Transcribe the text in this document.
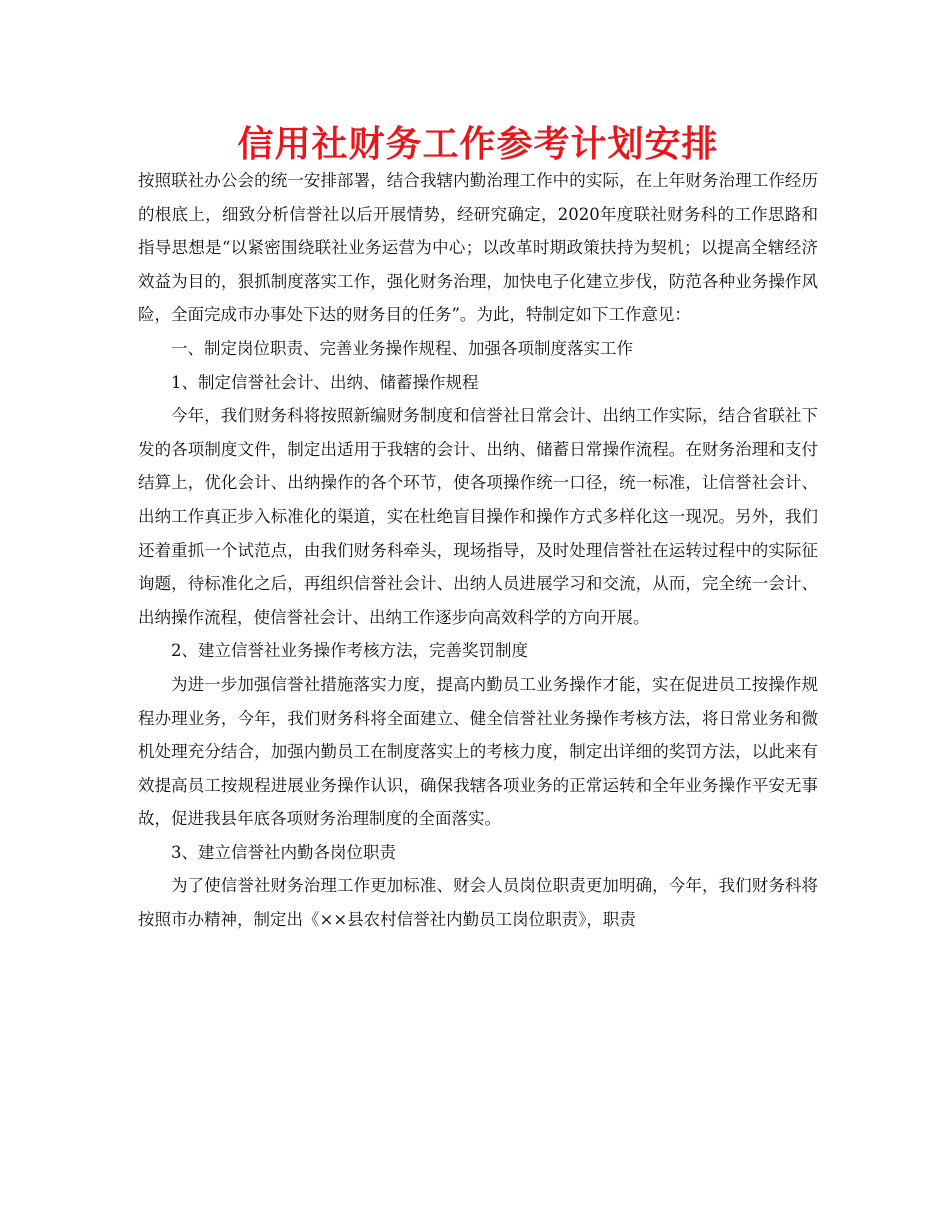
信用社财务工作参考计划安排

按照联社办公会的统一安排部署，结合我辖内勤治理工作中的实际，在上年财务治理工作经历的根底上，细致分析信誉社以后开展情势，经研究确定，2020年度联社财务科的工作思路和指导思想是“以紧密围绕联社业务运营为中心；以改革时期政策扶持为契机；以提高全辖经济效益为目的，狠抓制度落实工作，强化财务治理，加快电子化建立步伐，防范各种业务操作风险，全面完成市办事处下达的财务目的任务”。为此，特制定如下工作意见：

一、制定岗位职责、完善业务操作规程、加强各项制度落实工作

1、制定信誉社会计、出纳、储蓄操作规程

今年，我们财务科将按照新编财务制度和信誉社日常会计、出纳工作实际，结合省联社下发的各项制度文件，制定出适用于我辖的会计、出纳、储蓄日常操作流程。在财务治理和支付结算上，优化会计、出纳操作的各个环节，使各项操作统一口径，统一标准，让信誉社会计、出纳工作真正步入标准化的渠道，实在杜绝盲目操作和操作方式多样化这一现况。另外，我们还着重抓一个试范点，由我们财务科牵头，现场指导，及时处理信誉社在运转过程中的实际征询题，待标准化之后，再组织信誉社会计、出纳人员进展学习和交流，从而，完全统一会计、出纳操作流程，使信誉社会计、出纳工作逐步向高效科学的方向开展。

2、建立信誉社业务操作考核方法，完善奖罚制度

为进一步加强信誉社措施落实力度，提高内勤员工业务操作才能，实在促进员工按操作规程办理业务，今年，我们财务科将全面建立、健全信誉社业务操作考核方法，将日常业务和微机处理充分结合，加强内勤员工在制度落实上的考核力度，制定出详细的奖罚方法，以此来有效提高员工按规程进展业务操作认识，确保我辖各项业务的正常运转和全年业务操作平安无事故，促进我县年底各项财务治理制度的全面落实。

3、建立信誉社内勤各岗位职责

为了使信誉社财务治理工作更加标准、财会人员岗位职责更加明确，今年，我们财务科将按照市办精神，制定出《××县农村信誉社内勤员工岗位职责》，职责
